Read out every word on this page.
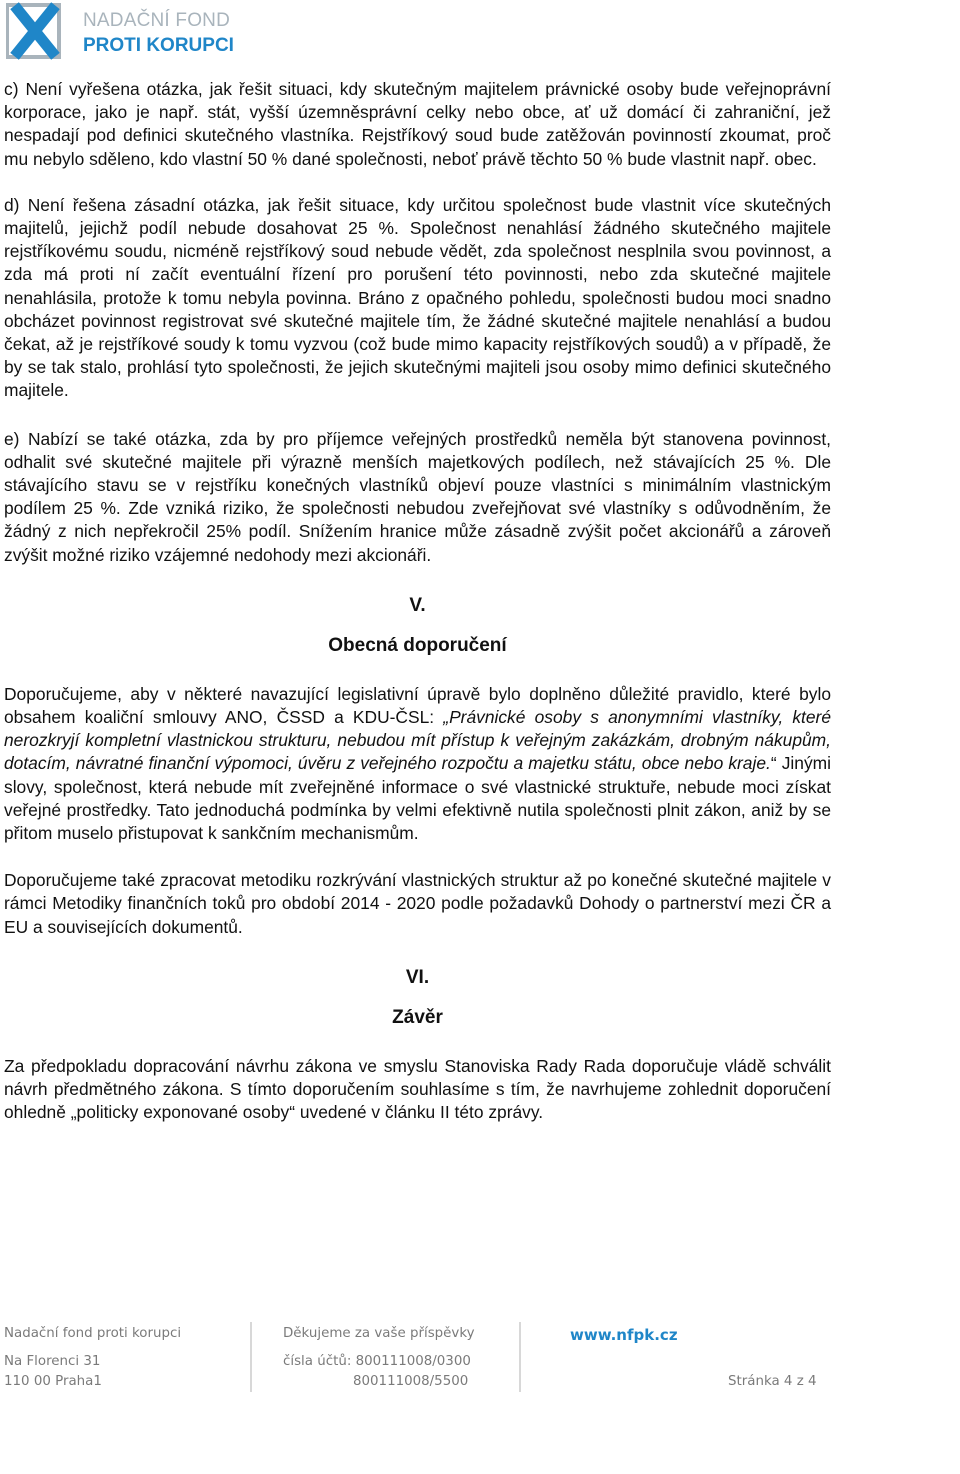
NADAČNÍ FOND
PROTI KORUPCI

c) Není vyřešena otázka, jak řešit situaci, kdy skutečným majitelem právnické osoby bude veřejnoprávní korporace, jako je např. stát, vyšší územněsprávní celky nebo obce, ať už domácí či zahraniční, jež nespadají pod definici skutečného vlastníka. Rejstříkový soud bude zatěžován povinností zkoumat, proč mu nebylo sděleno, kdo vlastní 50 % dané společnosti, neboť právě těchto 50 % bude vlastnit např. obec.

d) Není řešena zásadní otázka, jak řešit situace, kdy určitou společnost bude vlastnit více skutečných majitelů, jejichž podíl nebude dosahovat 25 %. Společnost nenahlásí žádného skutečného majitele rejstříkovému soudu, nicméně rejstříkový soud nebude vědět, zda společnost nesplnila svou povinnost, a zda má proti ní začít eventuální řízení pro porušení této povinnosti, nebo zda skutečné majitele nenahlásila, protože k tomu nebyla povinna. Bráno z opačného pohledu, společnosti budou moci snadno obcházet povinnost registrovat své skutečné majitele tím, že žádné skutečné majitele nenahlásí a budou čekat, až je rejstříkové soudy k tomu vyzvou (což bude mimo kapacity rejstříkových soudů) a v případě, že by se tak stalo, prohlásí tyto společnosti, že jejich skutečnými majiteli jsou osoby mimo definici skutečného majitele.

e) Nabízí se také otázka, zda by pro příjemce veřejných prostředků neměla být stanovena povinnost, odhalit své skutečné majitele při výrazně menších majetkových podílech, než stávajících 25 %. Dle stávajícího stavu se v rejstříku konečných vlastníků objeví pouze vlastníci s minimálním vlastnickým podílem 25 %. Zde vzniká riziko, že společnosti nebudou zveřejňovat své vlastníky s odůvodněním, že žádný z nich nepřekročil 25% podíl. Snížením hranice může zásadně zvýšit počet akcionářů a zároveň zvýšit možné riziko vzájemné nedohody mezi akcionáři.

V.

Obecná doporučení

Doporučujeme, aby v některé navazující legislativní úpravě bylo doplněno důležité pravidlo, které bylo obsahem koaliční smlouvy ANO, ČSSD a KDU-ČSL: „Právnické osoby s anonymními vlastníky, které nerozkryjí kompletní vlastnickou strukturu, nebudou mít přístup k veřejným zakázkám, drobným nákupům, dotacím, návratné finanční výpomoci, úvěru z veřejného rozpočtu a majetku státu, obce nebo kraje.“ Jinými slovy, společnost, která nebude mít zveřejněné informace o své vlastnické struktuře, nebude moci získat veřejné prostředky. Tato jednoduchá podmínka by velmi efektivně nutila společnosti plnit zákon, aniž by se přitom muselo přistupovat k sankčním mechanismům.

Doporučujeme také zpracovat metodiku rozkrývání vlastnických struktur až po konečné skutečné majitele v rámci Metodiky finančních toků pro období 2014 - 2020 podle požadavků Dohody o partnerství mezi ČR a EU a souvisejících dokumentů.

VI.

Závěr

Za předpokladu dopracování návrhu zákona ve smyslu Stanoviska Rady Rada doporučuje vládě schválit návrh předmětného zákona. S tímto doporučením souhlasíme s tím, že navrhujeme zohlednit doporučení ohledně „politicky exponované osoby“ uvedené v článku II této zprávy.

Nadační fond proti korupci
Na Florenci 31
110 00 Praha1
Děkujeme za vaše příspěvky
čísla účtů: 800111008/0300
800111008/5500
www.nfpk.cz
Stránka 4 z 4
